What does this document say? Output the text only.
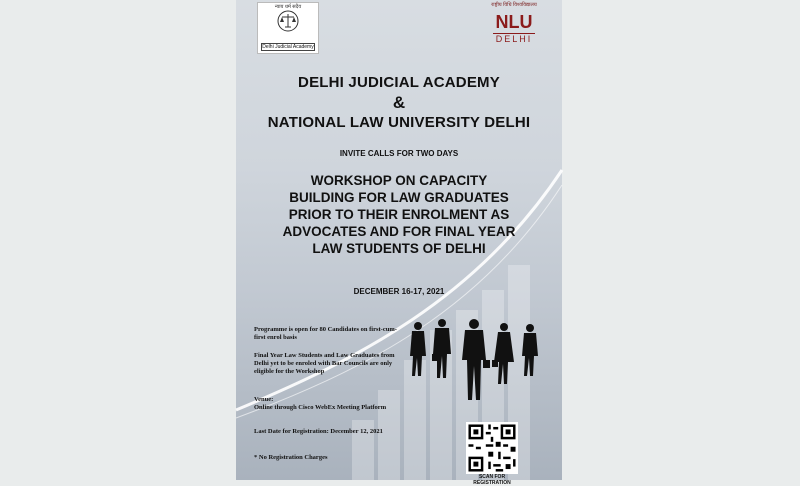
न्याय धर्म सदैव
Delhi Judicial Academy
राष्ट्रीय विधि विश्वविद्यालय
NLU
DELHI
DELHI JUDICIAL ACADEMY
&
NATIONAL LAW UNIVERSITY DELHI
INVITE CALLS FOR TWO DAYS
WORKSHOP ON CAPACITY
BUILDING FOR LAW GRADUATES
PRIOR TO THEIR ENROLMENT AS
ADVOCATES AND FOR FINAL YEAR
LAW STUDENTS OF DELHI
DECEMBER 16-17, 2021
Programme is open for 80 Candidates on first-cum-first enrol basis
Final Year Law Students and Law Graduates from Delhi yet to be enroled with Bar Councils are only eligible for the Workshop
Venue:
Online through Cisco WebEx Meeting Platform
Last Date for Registration: December 12, 2021
* No Registration Charges
SCAN FOR REGISTRATION
